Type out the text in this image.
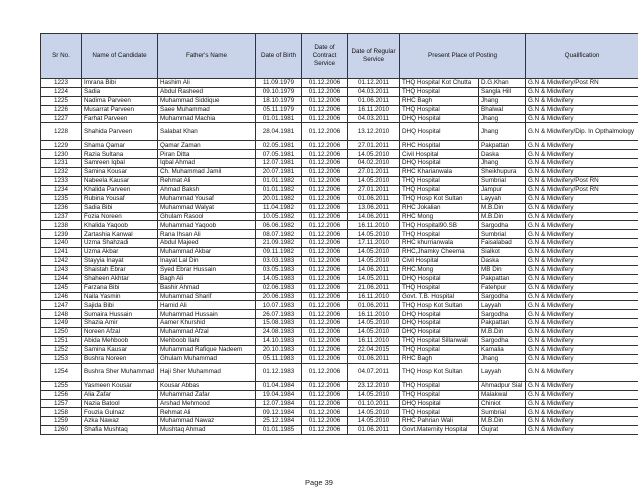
Sr No.	Name of Candidate	Father's Name	Date of Birth	Date of Contract Service	Date of Regular Service	Present Place of Posting		Qualification
1223	Imrana Bibi	Hashim Ali	11.09.1979	01.12.2006	01.12.2011	THQ Hospital Kot Chutta	D.G.Khan	G.N & Midwifery/Post RN
1224	Sadia	Abdul Rasheed	09.10.1979	01.12.2006	04.03.2011	THQ Hospital	Sangla Hill	G.N & Midwifery
1225	Nadima Parveen	Muhammad Siddique	18.10.1979	01.12.2006	01.06.2011	RHC Bagh	Jhang	G.N & Midwifery
1226	Musarrat Parveen	Saee Muhammad	05.11.1979	01.12.2006	16.11.2010	THQ Hospital	Bhalwal	G.N & Midwifery
1227	Farhat Parveen	Muhammad Machia	01.01.1981	01.12.2006	04.03.2011	DHQ Hospital	Jhang	G.N & Midwifery
1228	Shahida Parveen	Salabat Khan	28.04.1981	01.12.2006	13.12.2010	DHQ Hospital	Jhang	G.N & Midwifery/Dip. In Opthalmology
1229	Shama Qamar	Qamar Zaman	02.05.1981	01.12.2006	27.01.2011	RHC Hospital	Pakpattan	G.N & Midwifery
1230	Razia Sultana	Piran Ditta	07.05.1981	01.12.2006	14.05.2010	Civil Hospital	Daska	G.N & Midwifery
1231	Samreen Iqbal	Iqbal Ahmad	12.07.1981	01.12.2006	04.02.2010	DHQ Hospital	Jhang	G.N & Midwifery
1232	Samina Kousar	Ch. Muhammad Jamil	20.07.1981	01.12.2006	27.01.2011	RHC Kharianwala	Sheikhupura	G.N & Midwifery
1233	Nabeela Kausar	Rehmat Ali	01.01.1982	01.12.2006	14.05.2010	THQ Hospital	Sumbrial	G.N & Midwifery/Post RN
1234	Khalida Parveen	Ahmad Baksh	01.01.1982	01.12.2006	27.01.2011	THQ Hospital	Jampur	G.N & Midwifery/Post RN
1235	Rubina Yousaf	Muhammad Yousaf	20.01.1982	01.12.2006	01.06.2011	THQ Hosp Kot Sultan	Layyah	G.N & Midwifery
1236	Sadia Bibi	Muhammad Walyat	11.04.1982	01.12.2006	13.06.2011	RHC Jokalian	M.B.Din	G.N & Midwifery
1237	Fozia Noreen	Ghulam Rasool	10.05.1982	01.12.2006	14.06.2011	RHC Mong	M.B.Din	G.N & Midwifery
1238	Khalida Yaqoob	Muhammad Yaqoob	06.06.1982	01.12.2006	16.11.2010	THQ Hospital90.SB	Sargodha	G.N & Midwifery
1239	Zartashia Kanwal	Rana Ihsan Ali	08.07.1982	01.12.2006	14.05.2010	THQ Hospital	Sumbrial	G.N & Midwifery
1240	Uzma Shahzadi	Abdul Majeed	21.09.1982	01.12.2006	17.11.2010	RHC khurrianwala	Faisalabad	G.N & Midwifery
1241	Uzma Akbar	Muhammad Akbar	09.11.1982	01.12.2006	14.05.2010	RHC,Jhamky Cheema	Sialkot	G.N & Midwifery
1242	Stayyia Inayat	Inayat Lal Din	03.03.1983	01.12.2006	14.05.2010	Civil Hospital	Daska	G.N & Midwifery
1243	Shaistah Ebrar	Syed Ebrar Hussain	03.05.1983	01.12.2006	14.06.2011	RHC.Mong	MB Din	G.N & Midwifery
1244	Shaheen Akhtar	Bagh Ali	14.05.1983	01.12.2006	14.05.2011	DHQ Hospital	Pakpattan	G.N & Midwifery
1245	Farzana Bibi	Bashir Ahmad	02.06.1983	01.12.2006	21.06.2011	THQ Hospital	Fatehpur	G.N & Midwifery
1246	Naila Yasmin	Muhammad Sharif	20.06.1983	01.12.2006	16.11.2010	Govt. T.B. Hospital	Sargodha	G.N & Midwifery
1247	Sajida Bibi	Hamid Ali	10.07.1983	01.12.2006	01.06.2011	THQ Hosp Kot Sultan	Layyah	G.N & Midwifery
1248	Sumaira Hussain	Muhammad Hussain	26.07.1983	01.12.2006	16.11.2010	DHQ Hospital	Sargodha	G.N & Midwifery
1249	Shazia Amir	Aamer Khurshid	15.08.1983	01.12.2006	14.05.2010	DHQ Hospital	Pakpattan	G.N & Midwifery
1250	Noreen Afzal	Muhammad Afzal	24.08.1983	01.12.2006	14.05.2010	DHQ Hospital	M.B.Din	G.N & Midwifery
1251	Abida Mehboob	Mehboob Ilahi	14.10.1983	01.12.2006	16.11.2010	THQ Hospital Sillanwali	Sargodha	G.N & Midwifery
1252	Samina Kausar	Muhammad Rafique Nadeem	20.10.1983	01.12.2006	22.04.2015	THQ Hospital	Kamalia	G.N & Midwifery
1253	Bushra Noreen	Ghulam Muhammad	05.11.1983	01.12.2006	01.06.2011	RHC Bagh	Jhang	G.N & Midwifery
1254	Bushra Sher Muhammad	Haji Sher Muhammad	01.12.1983	01.12.2006	04.07.2011	THQ Hosp Kot Sultan	Layyah	G.N & Midwifery
1255	Yasmeen Kousar	Kousar Abbas	01.04.1984	01.12.2006	23.12.2010	THQ Hospital	Ahmadpur Sial	G.N & Midwifery
1256	Alia Zafar	Muhammad Zafar	19.04.1984	01.12.2006	14.05.2010	THQ Hospital	Malakwal	G.N & Midwifery
1257	Nazia Batool	Arshad Mehmood	12.07.1984	01.12.2006	01.10.2011	DHQ Hospital	Chiniot	G.N & Midwifery
1258	Fouzia Gulnaz	Rehmat Ali	09.12.1984	01.12.2006	14.05.2010	THQ Hospital	Sumbrial	G.N & Midwifery
1259	Azka Nawaz	Muhammad Nawaz	25.12.1984	01.12.2006	14.05.2010	RHC Pahrian Wali	M.B.Din	G.N & Midwifery
1260	Shafia Mushtaq	Mushtaq Ahmad	01.01.1985	01.12.2006	01.06.2011	Govt.Maternity Hospital	Gujrat	G.N & Midwifery
Page 39
